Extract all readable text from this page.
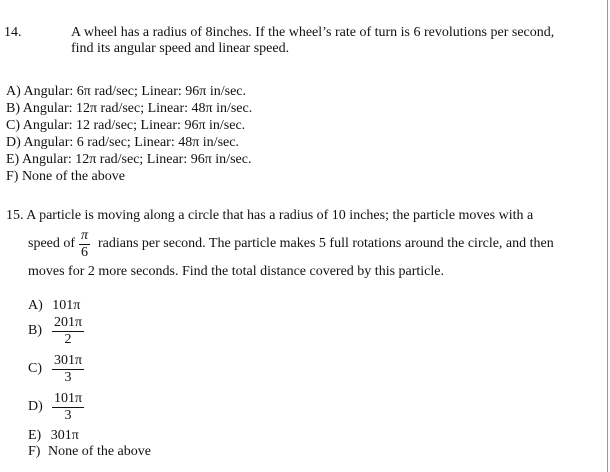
14.	A wheel has a radius of 8inches. If the wheel’s rate of turn is 6 revolutions per second,
find its angular speed and linear speed.
A) Angular: 6π rad/sec; Linear: 96π in/sec.
B) Angular: 12π rad/sec; Linear: 48π in/sec.
C) Angular: 12 rad/sec; Linear: 96π in/sec.
D) Angular: 6 rad/sec; Linear: 48π in/sec.
E) Angular: 12π rad/sec; Linear: 96π in/sec.
F) None of the above
15. A particle is moving along a circle that has a radius of 10 inches; the particle moves with a
speed of
π
6
radians per second. The particle makes 5 full rotations around the circle, and then
moves for 2 more seconds. Find the total distance covered by this particle.
A) 101π
B)
201π
2
C)
301π
3
D)
101π
3
E) 301π
F) None of the above
